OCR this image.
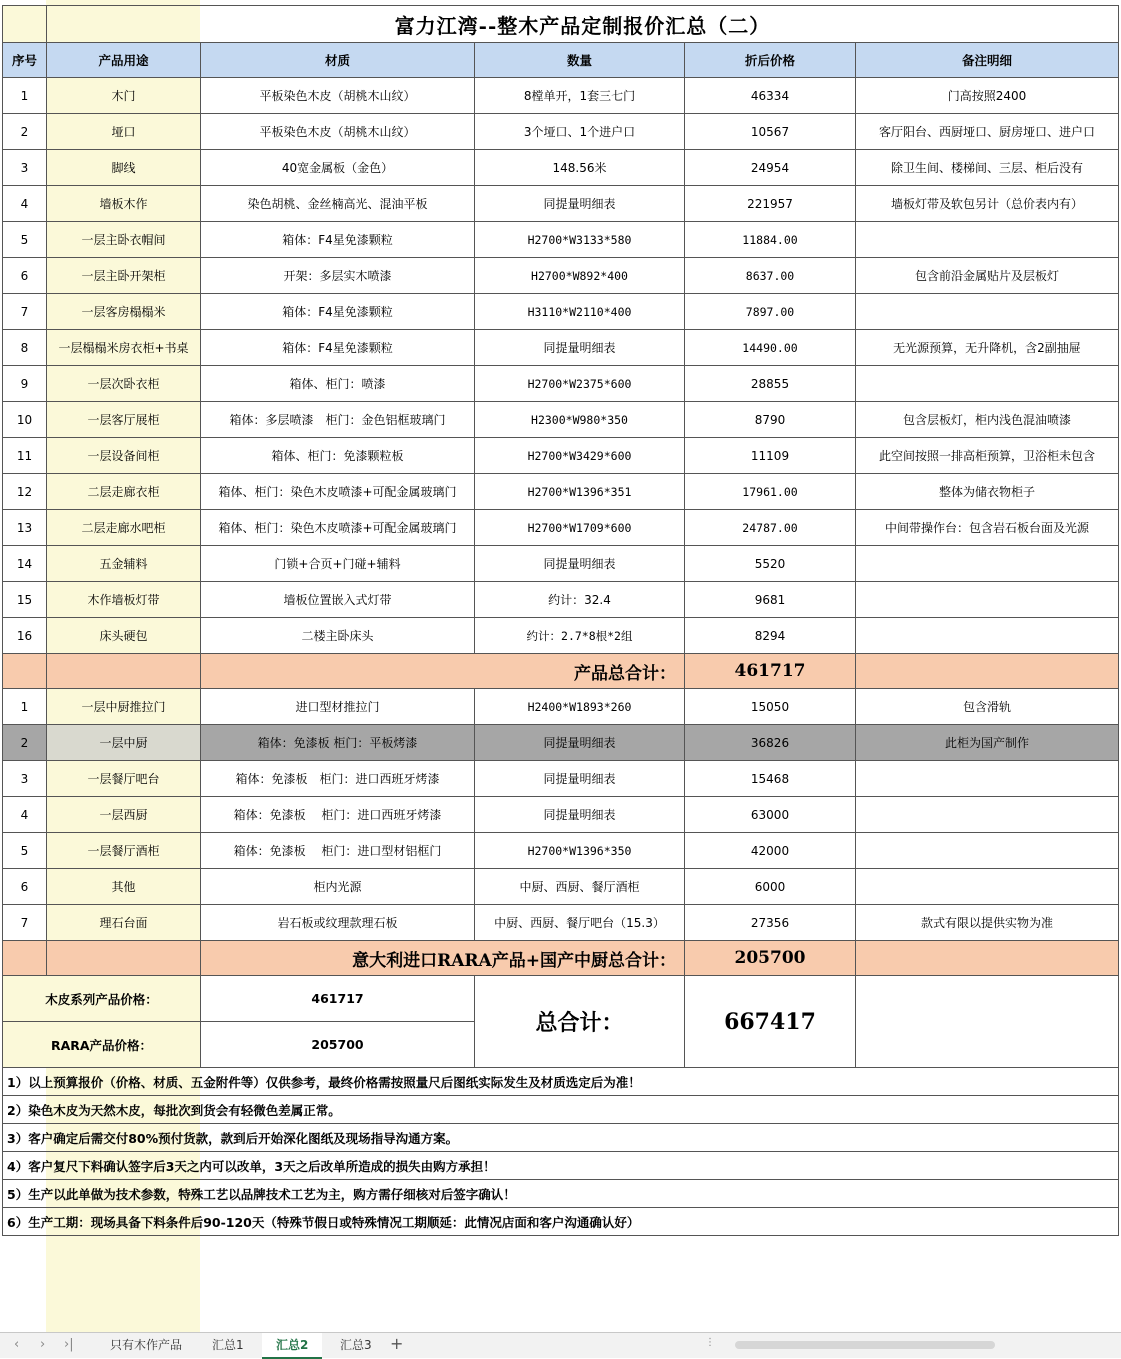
	富力江湾--整木产品定制报价汇总（二）				
序号	产品用途	材质	数量	折后价格	备注明细
1	木门	平板染色木皮（胡桃木山纹）	8樘单开，1套三七门	46334	门高按照2400
2	垭口	平板染色木皮（胡桃木山纹）	3个垭口、1个进户口	10567	客厅阳台、西厨垭口、厨房垭口、进户口
3	脚线	40宽金属板（金色）	148.56米	24954	除卫生间、楼梯间、三层、柜后没有
4	墙板木作	染色胡桃、金丝楠高光、混油平板	同提量明细表	221957	墙板灯带及软包另计（总价表内有）
5	一层主卧衣帽间	箱体：F4星免漆颗粒	H2700*W3133*580	11884.00	
6	一层主卧开架柜	开架：多层实木喷漆	H2700*W892*400	8637.00	包含前沿金属贴片及层板灯
7	一层客房榻榻米	箱体：F4星免漆颗粒	H3110*W2110*400	7897.00	
8	一层榻榻米房衣柜+书桌	箱体：F4星免漆颗粒	同提量明细表	14490.00	无光源预算，无升降机，含2副抽屉
9	一层次卧衣柜	箱体、柜门：喷漆	H2700*W2375*600	28855	
10	一层客厅展柜	箱体：多层喷漆　柜门：金色铝框玻璃门	H2300*W980*350	8790	包含层板灯，柜内浅色混油喷漆
11	一层设备间柜	箱体、柜门：免漆颗粒板	H2700*W3429*600	11109	此空间按照一排高柜预算，卫浴柜未包含
12	二层走廊衣柜	箱体、柜门：染色木皮喷漆+可配金属玻璃门	H2700*W1396*351	17961.00	整体为储衣物柜子
13	二层走廊水吧柜	箱体、柜门：染色木皮喷漆+可配金属玻璃门	H2700*W1709*600	24787.00	中间带操作台：包含岩石板台面及光源
14	五金辅料	门锁+合页+门碰+辅料	同提量明细表	5520	
15	木作墙板灯带	墙板位置嵌入式灯带	约计：32.4	9681	
16	床头硬包	二楼主卧床头	约计：2.7*8根*2组	8294	
		产品总合计：		461717	
1	一层中厨推拉门	进口型材推拉门	H2400*W1893*260	15050	包含滑轨
2	一层中厨	箱体：免漆板 柜门：平板烤漆	同提量明细表	36826	此柜为国产制作
3	一层餐厅吧台	箱体：免漆板　柜门：进口西班牙烤漆	同提量明细表	15468	
4	一层西厨	箱体：免漆板　 柜门：进口西班牙烤漆	同提量明细表	63000	
5	一层餐厅酒柜	箱体：免漆板　 柜门：进口型材铝框门	H2700*W1396*350	42000	
6	其他	柜内光源	中厨、西厨、餐厅酒柜	6000	
7	理石台面	岩石板或纹理款理石板	中厨、西厨、餐厅吧台（15.3）	27356	款式有限以提供实物为准
		意大利进口RARA产品+国产中厨总合计：		205700	
木皮系列产品价格：		461717	总合计：	667417	
RARA产品价格：		205700			
1）以上预算报价（价格、材质、五金附件等）仅供参考，最终价格需按照量尺后图纸实际发生及材质选定后为准！					
2）染色木皮为天然木皮，每批次到货会有轻微色差属正常。					
3）客户确定后需交付80%预付货款，款到后开始深化图纸及现场指导沟通方案。					
4）客户复尺下料确认签字后3天之内可以改单，3天之后改单所造成的损失由购方承担！					
5）生产以此单做为技术参数，特殊工艺以品牌技术工艺为主，购方需仔细核对后签字确认！					
6）生产工期：现场具备下料条件后90-120天（特殊节假日或特殊情况工期顺延：此情况店面和客户沟通确认好）					
‹ › ›|	只有木作产品	汇总1	汇总2	汇总3	+	⋮
